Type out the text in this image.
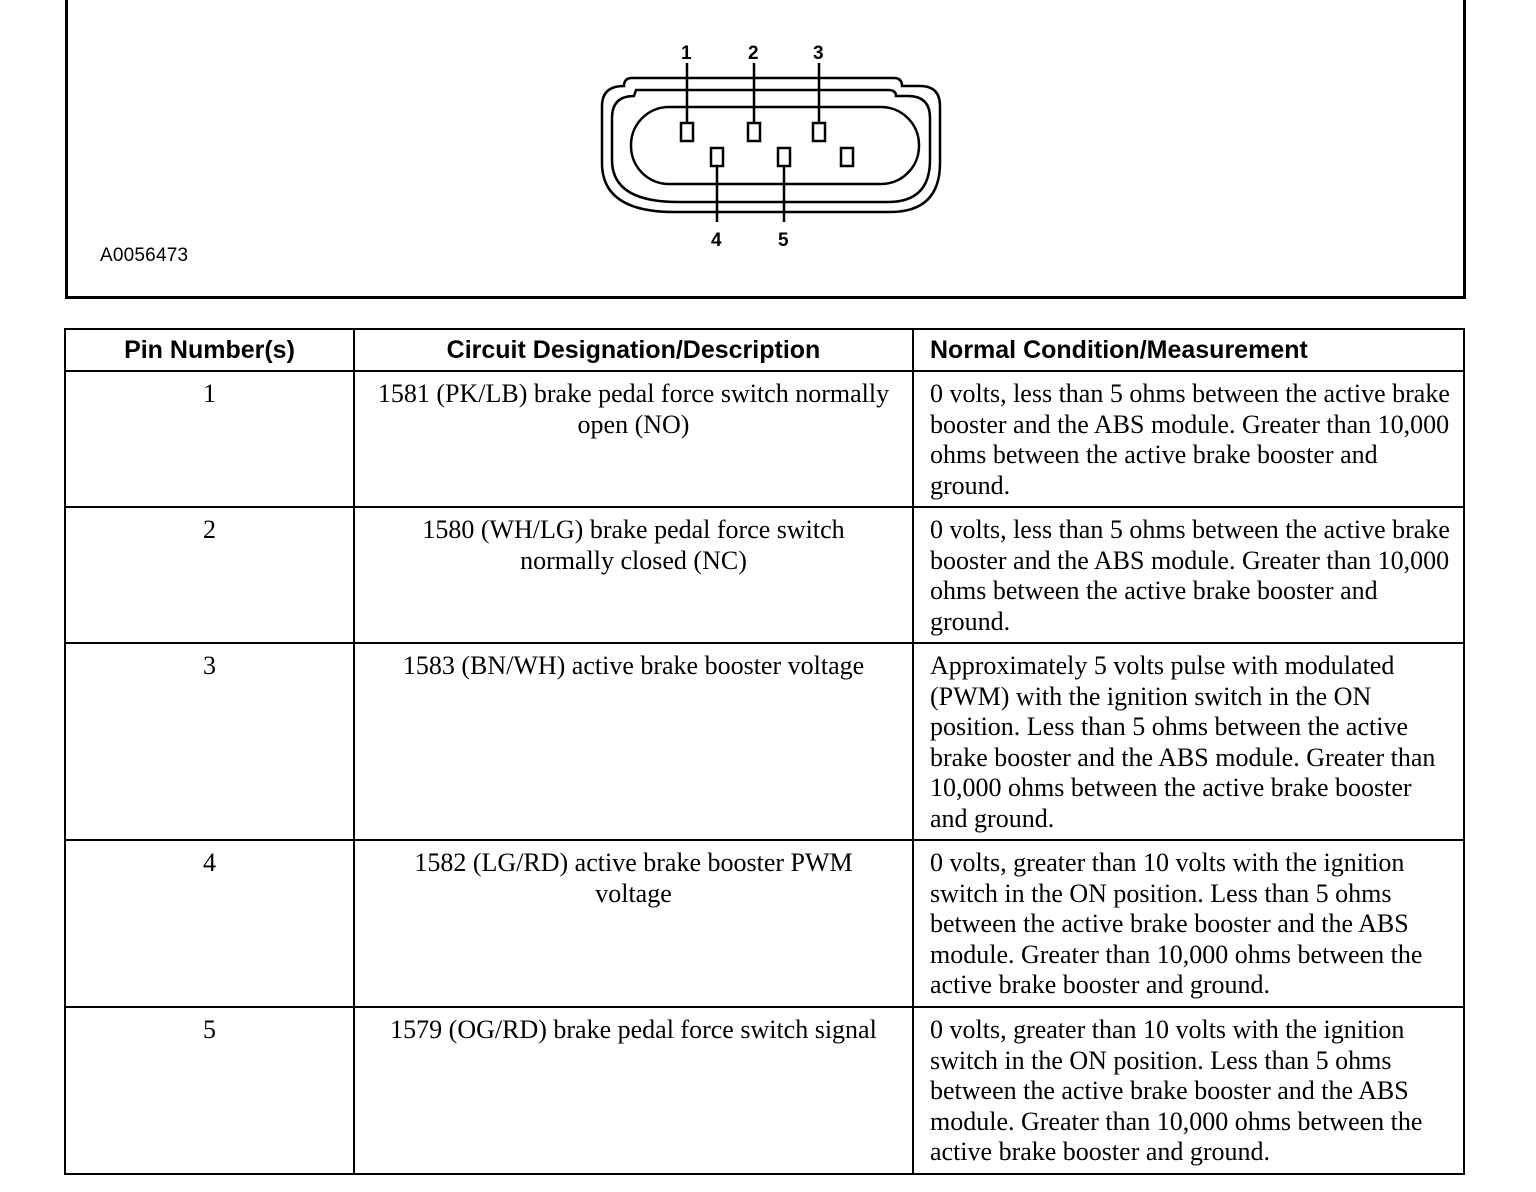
1	2	3
4	5
A0056473
Pin Number(s)	Circuit Designation/Description	Normal Condition/Measurement
1	1581 (PK/LB) brake pedal force switch normally open (NO)	0 volts, less than 5 ohms between the active brake booster and the ABS module. Greater than 10,000 ohms between the active brake booster and ground.
2	1580 (WH/LG) brake pedal force switch normally closed (NC)	0 volts, less than 5 ohms between the active brake booster and the ABS module. Greater than 10,000 ohms between the active brake booster and ground.
3	1583 (BN/WH) active brake booster voltage	Approximately 5 volts pulse with modulated (PWM) with the ignition switch in the ON position. Less than 5 ohms between the active brake booster and the ABS module. Greater than 10,000 ohms between the active brake booster and ground.
4	1582 (LG/RD) active brake booster PWM voltage	0 volts, greater than 10 volts with the ignition switch in the ON position. Less than 5 ohms between the active brake booster and the ABS module. Greater than 10,000 ohms between the active brake booster and ground.
5	1579 (OG/RD) brake pedal force switch signal	0 volts, greater than 10 volts with the ignition switch in the ON position. Less than 5 ohms between the active brake booster and the ABS module. Greater than 10,000 ohms between the active brake booster and ground.
